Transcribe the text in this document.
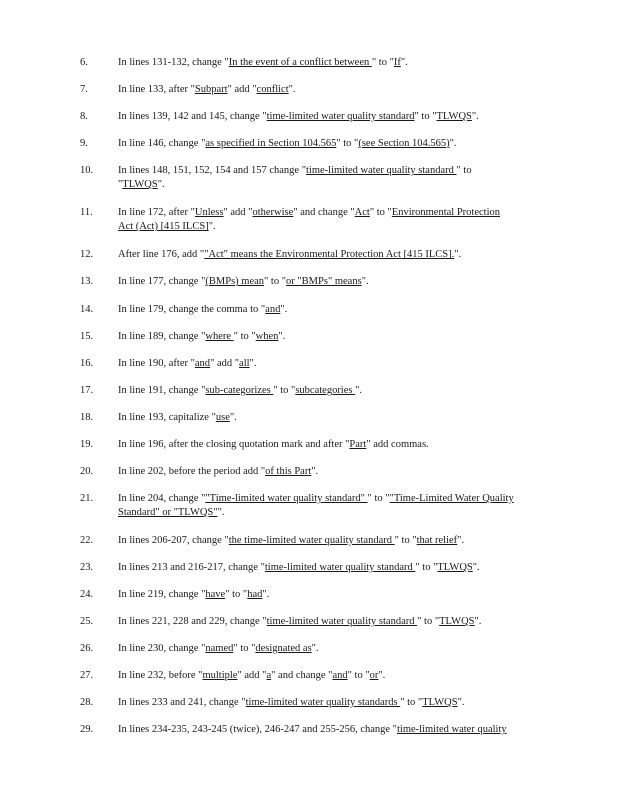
6.	In lines 131-132, change "In the event of a conflict between " to "If".
7.	In line 133, after "Subpart" add "conflict".
8.	In lines 139, 142 and 145, change "time-limited water quality standard" to "TLWQS".
9.	In line 146, change "as specified in Section 104.565" to "(see Section 104.565)".
10.	In lines 148, 151, 152, 154 and 157 change "time-limited water quality standard " to
"TLWQS".
11.	In line 172, after "Unless" add "otherwise" and change "Act" to "Environmental Protection
Act (Act) [415 ILCS]".
12.	After line 176, add ""Act" means the Environmental Protection Act [415 ILCS].".
13.	In line 177, change "(BMPs) mean" to "or "BMPs" means".
14.	In line 179, change the comma to "and".
15.	In line 189, change "where " to "when".
16.	In line 190, after "and" add "all".
17.	In line 191, change "sub-categorizes " to "subcategories ".
18.	In line 193, capitalize "use".
19.	In line 196, after the closing quotation mark and after "Part" add commas.
20.	In line 202, before the period add "of this Part".
21.	In line 204, change ""Time-limited water quality standard" " to ""Time-Limited Water Quality
Standard" or "TLWQS"".
22.	In lines 206-207, change "the time-limited water quality standard " to "that relief".
23.	In lines 213 and 216-217, change "time-limited water quality standard " to "TLWQS".
24.	In line 219, change "have" to "had".
25.	In lines 221, 228 and 229, change "time-limited water quality standard " to "TLWQS".
26.	In line 230, change "named" to "designated as".
27.	In line 232, before "multiple" add "a" and change "and" to "or".
28.	In lines 233 and 241, change "time-limited water quality standards " to "TLWQS".
29.	In lines 234-235, 243-245 (twice), 246-247 and 255-256, change "time-limited water quality
